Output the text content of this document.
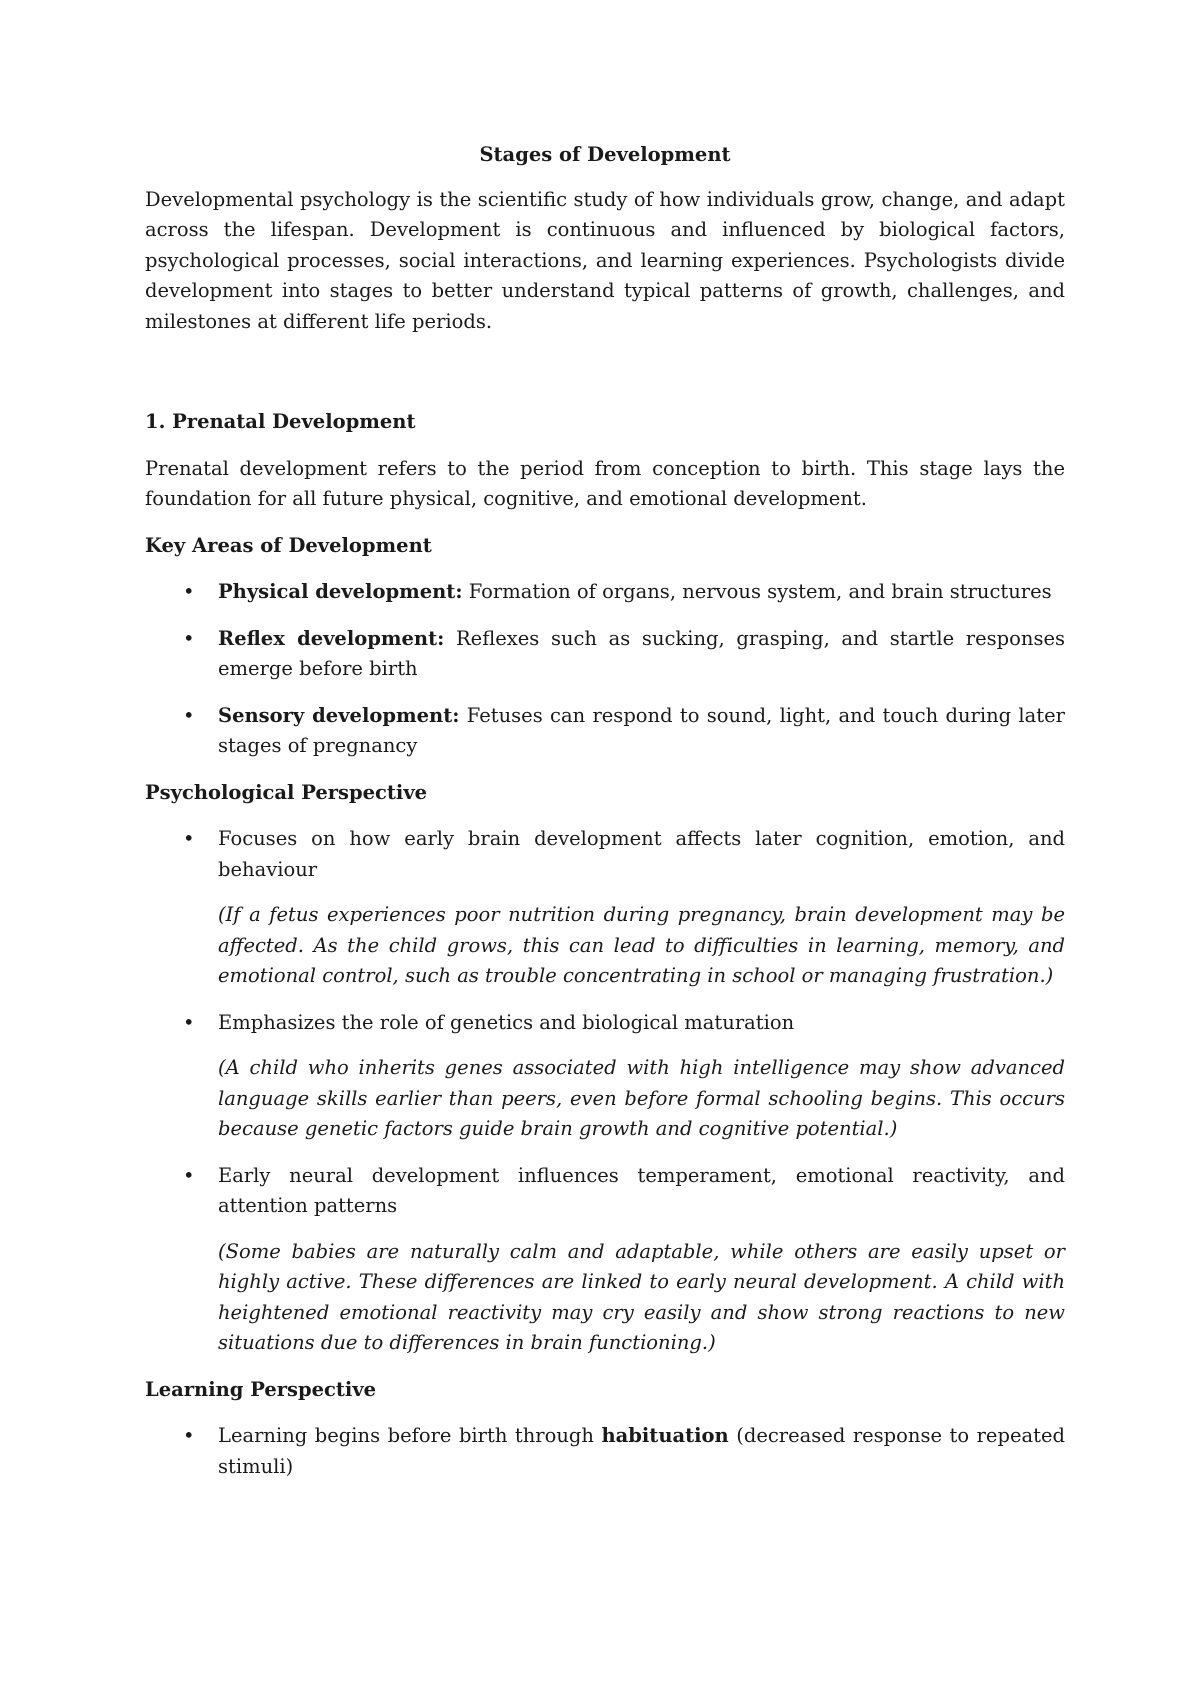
Stages of Development

Developmental psychology is the scientific study of how individuals grow, change, and adapt across the lifespan. Development is continuous and influenced by biological factors, psychological processes, social interactions, and learning experiences. Psychologists divide development into stages to better understand typical patterns of growth, challenges, and milestones at different life periods.

1. Prenatal Development

Prenatal development refers to the period from conception to birth. This stage lays the foundation for all future physical, cognitive, and emotional development.

Key Areas of Development

• Physical development: Formation of organs, nervous system, and brain structures
• Reflex development: Reflexes such as sucking, grasping, and startle responses emerge before birth
• Sensory development: Fetuses can respond to sound, light, and touch during later stages of pregnancy

Psychological Perspective

• Focuses on how early brain development affects later cognition, emotion, and behaviour
(If a fetus experiences poor nutrition during pregnancy, brain development may be affected. As the child grows, this can lead to difficulties in learning, memory, and emotional control, such as trouble concentrating in school or managing frustration.)
• Emphasizes the role of genetics and biological maturation
(A child who inherits genes associated with high intelligence may show advanced language skills earlier than peers, even before formal schooling begins. This occurs because genetic factors guide brain growth and cognitive potential.)
• Early neural development influences temperament, emotional reactivity, and attention patterns
(Some babies are naturally calm and adaptable, while others are easily upset or highly active. These differences are linked to early neural development. A child with heightened emotional reactivity may cry easily and show strong reactions to new situations due to differences in brain functioning.)

Learning Perspective

• Learning begins before birth through habituation (decreased response to repeated stimuli)
